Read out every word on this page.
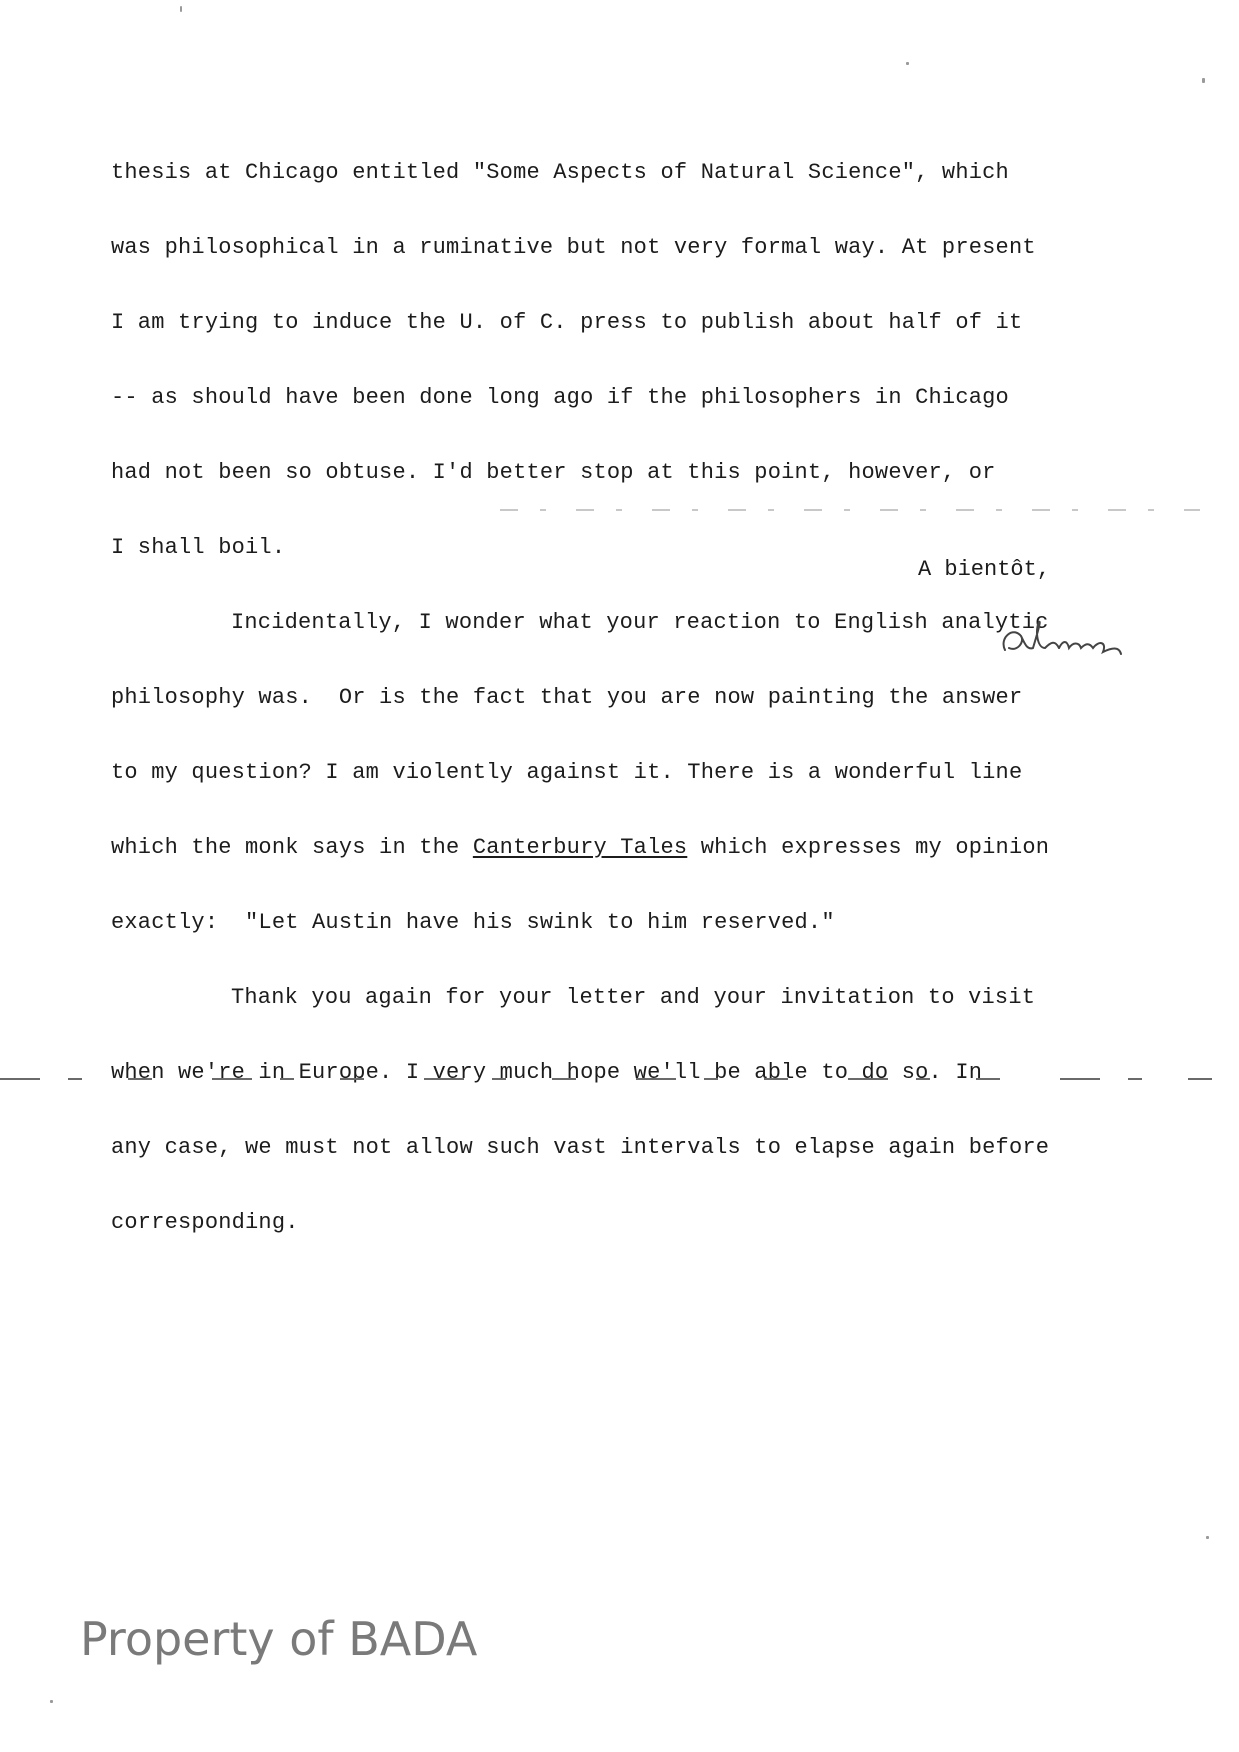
thesis at Chicago entitled "Some Aspects of Natural Science", which

was philosophical in a ruminative but not very formal way. At present

I am trying to induce the U. of C. press to publish about half of it

-- as should have been done long ago if the philosophers in Chicago

had not been so obtuse. I'd better stop at this point, however, or

I shall boil.

Incidentally, I wonder what your reaction to English analytic

philosophy was.  Or is the fact that you are now painting the answer

to my question? I am violently against it. There is a wonderful line

which the monk says in the Canterbury Tales which expresses my opinion

exactly:  "Let Austin have his swink to him reserved."

Thank you again for your letter and your invitation to visit

when we're in Europe. I very much hope we'll be able to do so. In

any case, we must not allow such vast intervals to elapse again before

corresponding.

A bientôt,
Property of BADA
